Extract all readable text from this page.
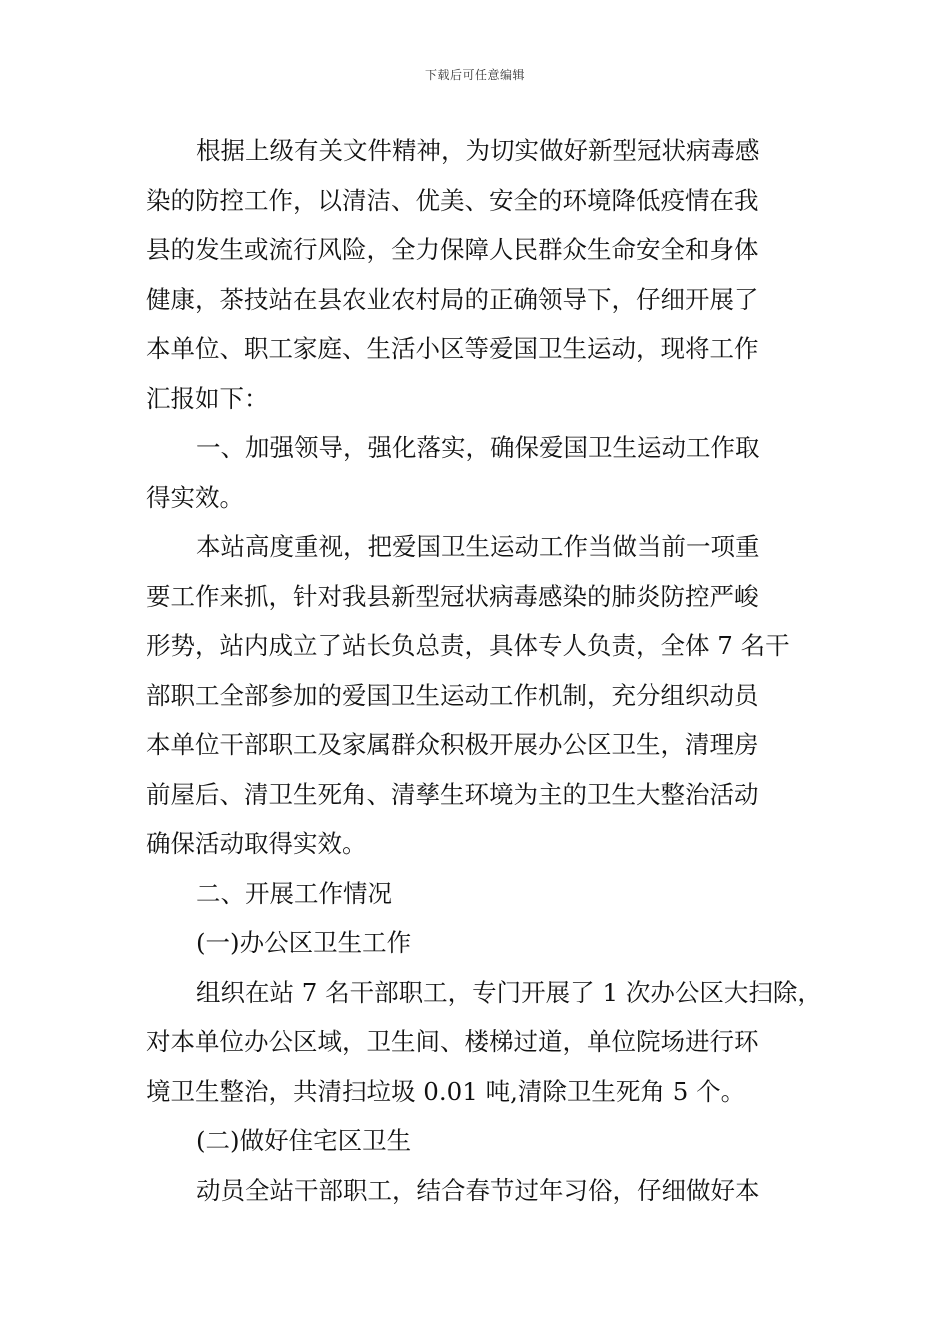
下载后可任意编辑
根据上级有关文件精神，为切实做好新型冠状病毒感
染的防控工作，以清洁、优美、安全的环境降低疫情在我
县的发生或流行风险，全力保障人民群众生命安全和身体
健康，茶技站在县农业农村局的正确领导下，仔细开展了
本单位、职工家庭、生活小区等爱国卫生运动，现将工作
汇报如下：
一、加强领导，强化落实，确保爱国卫生运动工作取
得实效。
本站高度重视，把爱国卫生运动工作当做当前一项重
要工作来抓，针对我县新型冠状病毒感染的肺炎防控严峻
形势，站内成立了站长负总责，具体专人负责，全体 7 名干
部职工全部参加的爱国卫生运动工作机制，充分组织动员
本单位干部职工及家属群众积极开展办公区卫生，清理房
前屋后、清卫生死角、清孳生环境为主的卫生大整治活动
确保活动取得实效。
二、开展工作情况
(一)办公区卫生工作
组织在站 7 名干部职工，专门开展了 1 次办公区大扫除，
对本单位办公区域，卫生间、楼梯过道，单位院场进行环
境卫生整治，共清扫垃圾 0.01 吨,清除卫生死角 5 个。
(二)做好住宅区卫生
动员全站干部职工，结合春节过年习俗，仔细做好本
